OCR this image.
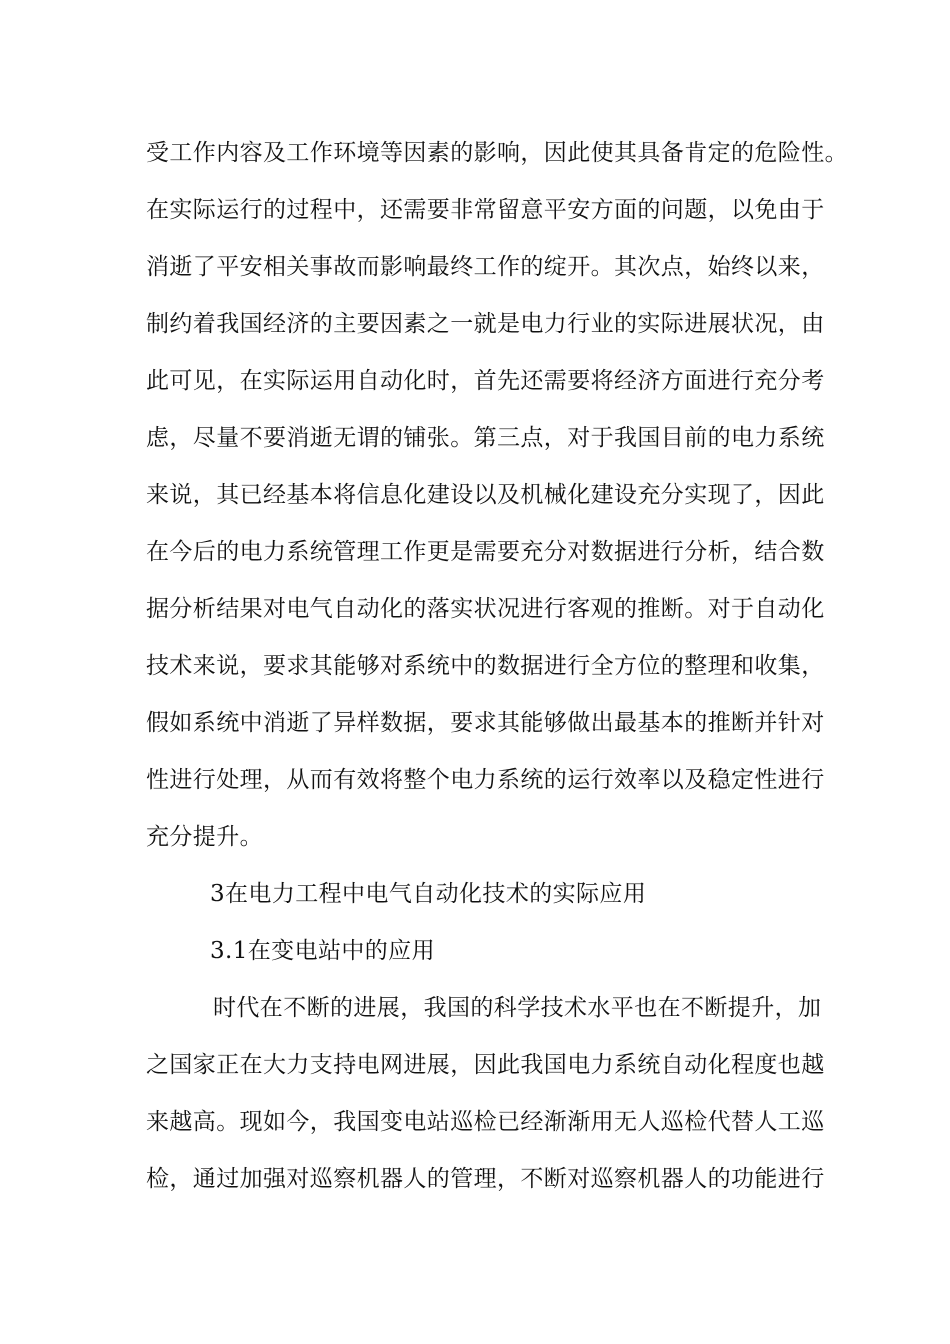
受工作内容及工作环境等因素的影响，因此使其具备肯定的危险性。
在实际运行的过程中，还需要非常留意平安方面的问题，以免由于
消逝了平安相关事故而影响最终工作的绽开。其次点，始终以来，
制约着我国经济的主要因素之一就是电力行业的实际进展状况，由
此可见，在实际运用自动化时，首先还需要将经济方面进行充分考
虑，尽量不要消逝无谓的铺张。第三点，对于我国目前的电力系统
来说，其已经基本将信息化建设以及机械化建设充分实现了，因此
在今后的电力系统管理工作更是需要充分对数据进行分析，结合数
据分析结果对电气自动化的落实状况进行客观的推断。对于自动化
技术来说，要求其能够对系统中的数据进行全方位的整理和收集，
假如系统中消逝了异样数据，要求其能够做出最基本的推断并针对
性进行处理，从而有效将整个电力系统的运行效率以及稳定性进行
充分提升。
3在电力工程中电气自动化技术的实际应用
3.1在变电站中的应用
时代在不断的进展，我国的科学技术水平也在不断提升，加
之国家正在大力支持电网进展，因此我国电力系统自动化程度也越
来越高。现如今，我国变电站巡检已经渐渐用无人巡检代替人工巡
检，通过加强对巡察机器人的管理，不断对巡察机器人的功能进行
